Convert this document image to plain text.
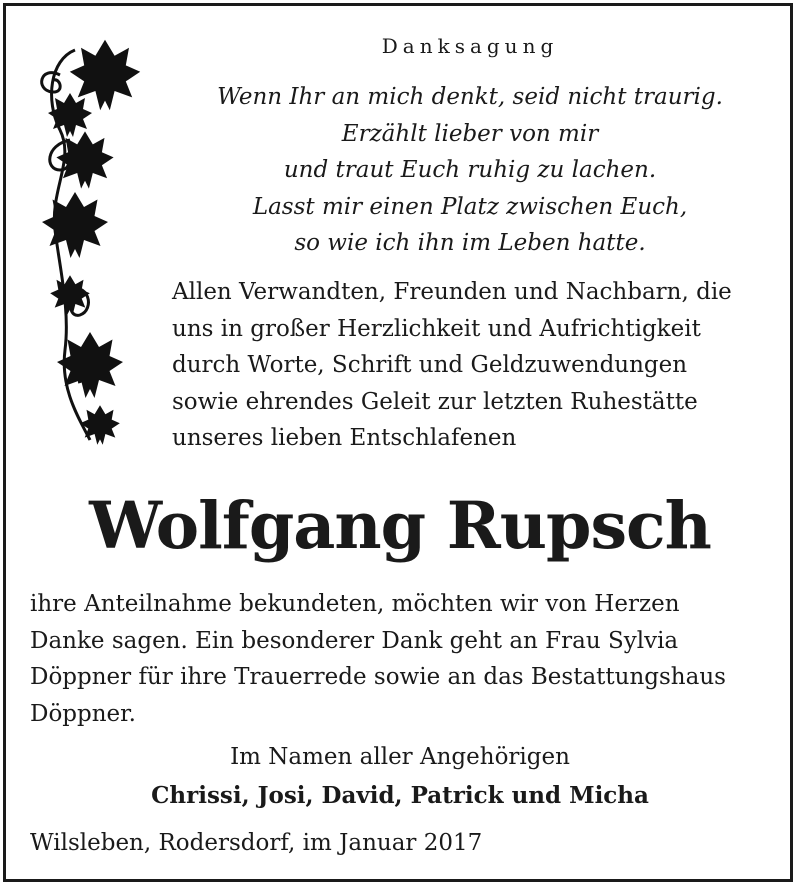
Danksagung
Wenn Ihr an mich denkt, seid nicht traurig.
Erzählt lieber von mir
und traut Euch ruhig zu lachen.
Lasst mir einen Platz zwischen Euch,
so wie ich ihn im Leben hatte.
Allen Verwandten, Freunden und Nachbarn, die
uns in großer Herzlichkeit und Aufrichtigkeit
durch Worte, Schrift und Geldzuwendungen
sowie ehrendes Geleit zur letzten Ruhestätte
unseres lieben Entschlafenen
Wolfgang Rupsch
ihre Anteilnahme bekundeten, möchten wir von Herzen
Danke sagen. Ein besonderer Dank geht an Frau Sylvia
Döppner für ihre Trauerrede sowie an das Bestattungshaus
Döppner.
Im Namen aller Angehörigen
Chrissi, Josi, David, Patrick und Micha
Wilsleben, Rodersdorf, im Januar 2017
